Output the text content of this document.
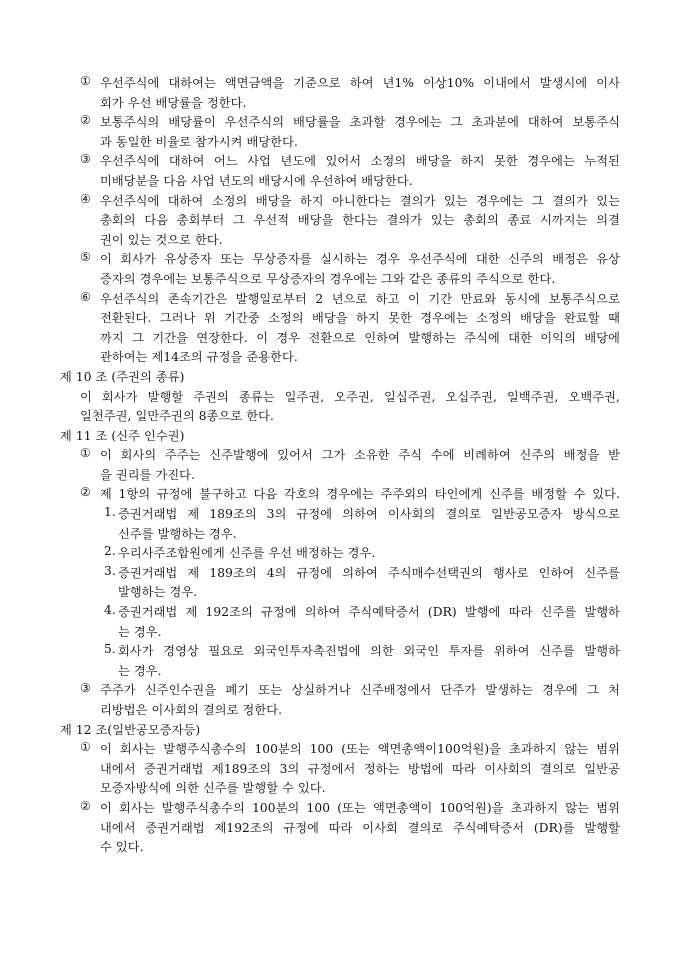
① 우선주식에 대하여는 액면금액을 기준으로 하여 년1% 이상10% 이내에서 발생시에 이사
회가 우선 배당률을 정한다.
② 보통주식의 배당률이 우선주식의 배당률을 초과할 경우에는 그 초과분에 대하여 보통주식
과 동일한 비율로 참가시켜 배당한다.
③ 우선주식에 대하여 어느 사업 년도에 있어서 소정의 배당을 하지 못한 경우에는 누적된
미배당분을 다음 사업 년도의 배당시에 우선하여 배당한다.
④ 우선주식에 대하여 소정의 배당을 하지 아니한다는 결의가 있는 경우에는 그 결의가 있는
총회의 다음 총회부터 그 우선적 배당을 한다는 결의가 있는 총회의 종료 시까지는 의결
권이 있는 것으로 한다.
⑤ 이 회사가 유상증자 또는 무상증자를 실시하는 경우 우선주식에 대한 신주의 배정은 유상
증자의 경우에는 보통주식으로 무상증자의 경우에는 그와 같은 종류의 주식으로 한다.
⑥ 우선주식의 존속기간은 발행일로부터 2 년으로 하고 이 기간 만료와 동시에 보통주식으로
전환된다. 그러나 위 기간중 소정의 배당을 하지 못한 경우에는 소정의 배당을 완료할 때
까지 그 기간을 연장한다. 이 경우 전환으로 인하여 발행하는 주식에 대한 이익의 배당에
관하여는 제14조의 규정을 준용한다.
제 10 조 (주권의 종류)
이 회사가 발행할 주권의 종류는 일주권, 오주권, 일십주권, 오십주권, 일백주권, 오백주권,
일천주권, 일만주권의 8종으로 한다.
제 11 조 (신주 인수권)
① 이 회사의 주주는 신주발행에 있어서 그가 소유한 주식 수에 비례하여 신주의 배정을 받
을 권리를 가진다.
② 제 1항의 규정에 불구하고 다음 각호의 경우에는 주주외의 타인에게 신주를 배정할 수 있다.
1. 증권거래법 제 189조의 3의 규정에 의하여 이사회의 결의로 일반공모증자 방식으로
신주를 발행하는 경우.
2. 우리사주조합원에게 신주를 우선 배정하는 경우.
3. 증권거래법 제 189조의 4의 규정에 의하여 주식매수선택권의 행사로 인하여 신주를
발행하는 경우.
4. 증권거래법 제 192조의 규정에 의하여 주식예탁증서 (DR) 발행에 따라 신주를 발행하
는 경우.
5. 회사가 경영상 필요로 외국인투자촉진법에 의한 외국인 투자를 위하여 신주를 발행하
는 경우.
③ 주주가 신주인수권을 폐기 또는 상실하거나 신주배정에서 단주가 발생하는 경우에 그 처
리방법은 이사회의 결의로 정한다.
제 12 조(일반공모증자등)
① 이 회사는 발행주식총수의 100분의 100 (또는 액면총액이100억원)을 초과하지 않는 범위
내에서 증권거래법 제189조의 3의 규정에서 정하는 방법에 따라 이사회의 결의로 일반공
모증자방식에 의한 신주를 발행할 수 있다.
② 이 회사는 발행주식총수의 100분의 100 (또는 액면총액이 100억원)을 초과하지 않는 범위
내에서 증권거래법 제192조의 규정에 따라 이사회 결의로 주식예탁증서 (DR)를 발행할
수 있다.
